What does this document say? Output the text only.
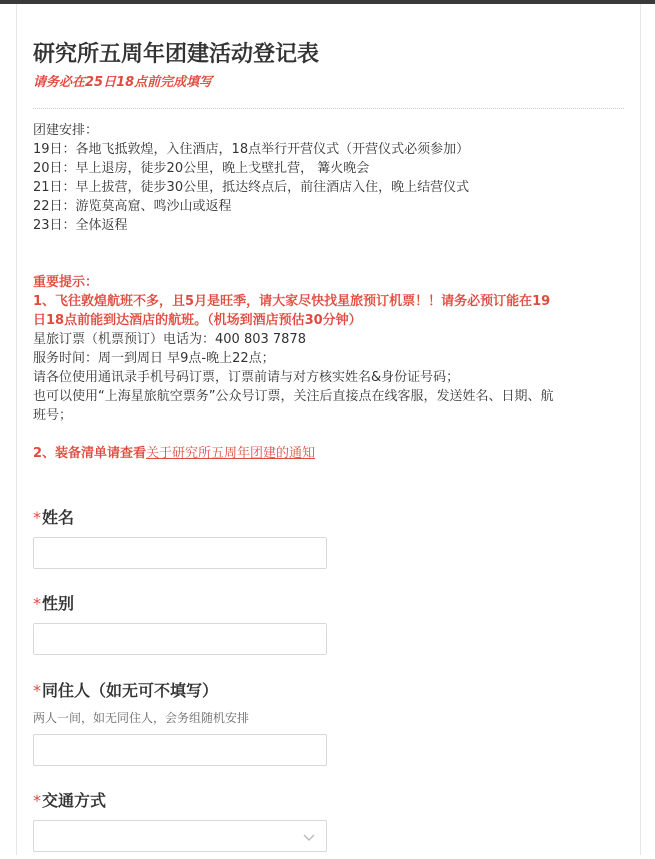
研究所五周年团建活动登记表
请务必在25日18点前完成填写

团建安排：

19日：各地飞抵敦煌，入住酒店，18点举行开营仪式（开营仪式必须参加）

20日：早上退房，徒步20公里，晚上戈壁扎营， 篝火晚会

21日：早上拔营，徒步30公里，抵达终点后，前往酒店入住，晚上结营仪式

22日：游览莫高窟、鸣沙山或返程

23日：全体返程

重要提示：

1、飞往敦煌航班不多，且5月是旺季，请大家尽快找星旅预订机票！！请务必预订能在19

日18点前能到达酒店的航班。（机场到酒店预估30分钟）

星旅订票（机票预订）电话为：400 803 7878

服务时间：周一到周日 早9点-晚上22点；

请各位使用通讯录手机号码订票，订票前请与对方核实姓名&身份证号码；

也可以使用“上海星旅航空票务”公众号订票，关注后直接点在线客服，发送姓名、日期、航

班号；

2、装备清单请查看关于研究所五周年团建的通知

*姓名
*性别
*同住人（如无可不填写）
两人一间，如无同住人，会务组随机安排
*交通方式
